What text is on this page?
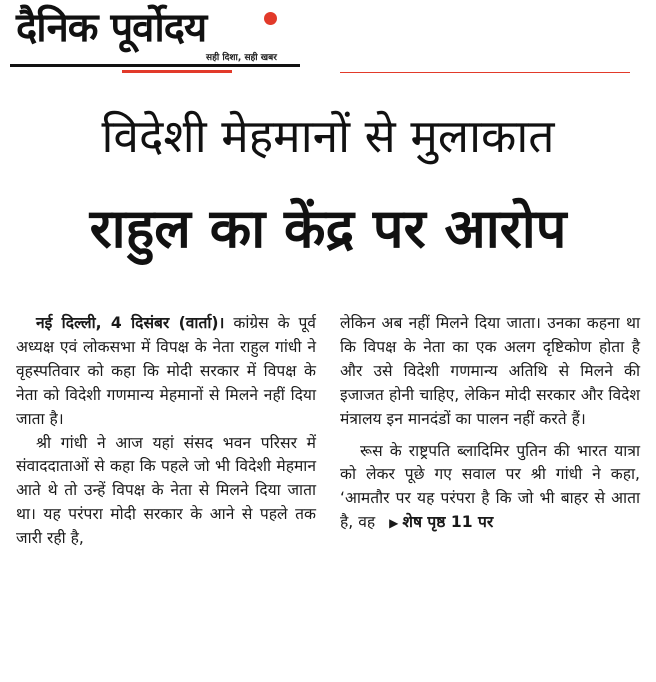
दैनिक पूर्वोदय
सही दिशा, सही खबर
विदेशी मेहमानों से मुलाकात
राहुल का केंद्र पर आरोप

नई दिल्ली, 4 दिसंबर (वार्ता)। कांग्रेस के पूर्व अध्यक्ष एवं लोकसभा में विपक्ष के नेता राहुल गांधी ने वृहस्पतिवार को कहा कि मोदी सरकार में विपक्ष के नेता को विदेशी गणमान्य मेहमानों से मिलने नहीं दिया जाता है।

श्री गांधी ने आज यहां संसद भवन परिसर में संवाददाताओं से कहा कि पहले जो भी विदेशी मेहमान आते थे तो उन्हें विपक्ष के नेता से मिलने दिया जाता था। यह परंपरा मोदी सरकार के आने से पहले तक जारी रही है,

लेकिन अब नहीं मिलने दिया जाता। उनका कहना था कि विपक्ष के नेता का एक अलग दृष्टिकोण होता है और उसे विदेशी गणमान्य अतिथि से मिलने की इजाजत होनी चाहिए, लेकिन मोदी सरकार और विदेश मंत्रालय इन मानदंडों का पालन नहीं करते हैं।

रूस के राष्ट्रपति ब्लादिमिर पुतिन की भारत यात्रा को लेकर पूछे गए सवाल पर श्री गांधी ने कहा, ‘आमतौर पर यह परंपरा है कि जो भी बाहर से आता है, वह ▶ शेष पृष्ठ 11 पर
